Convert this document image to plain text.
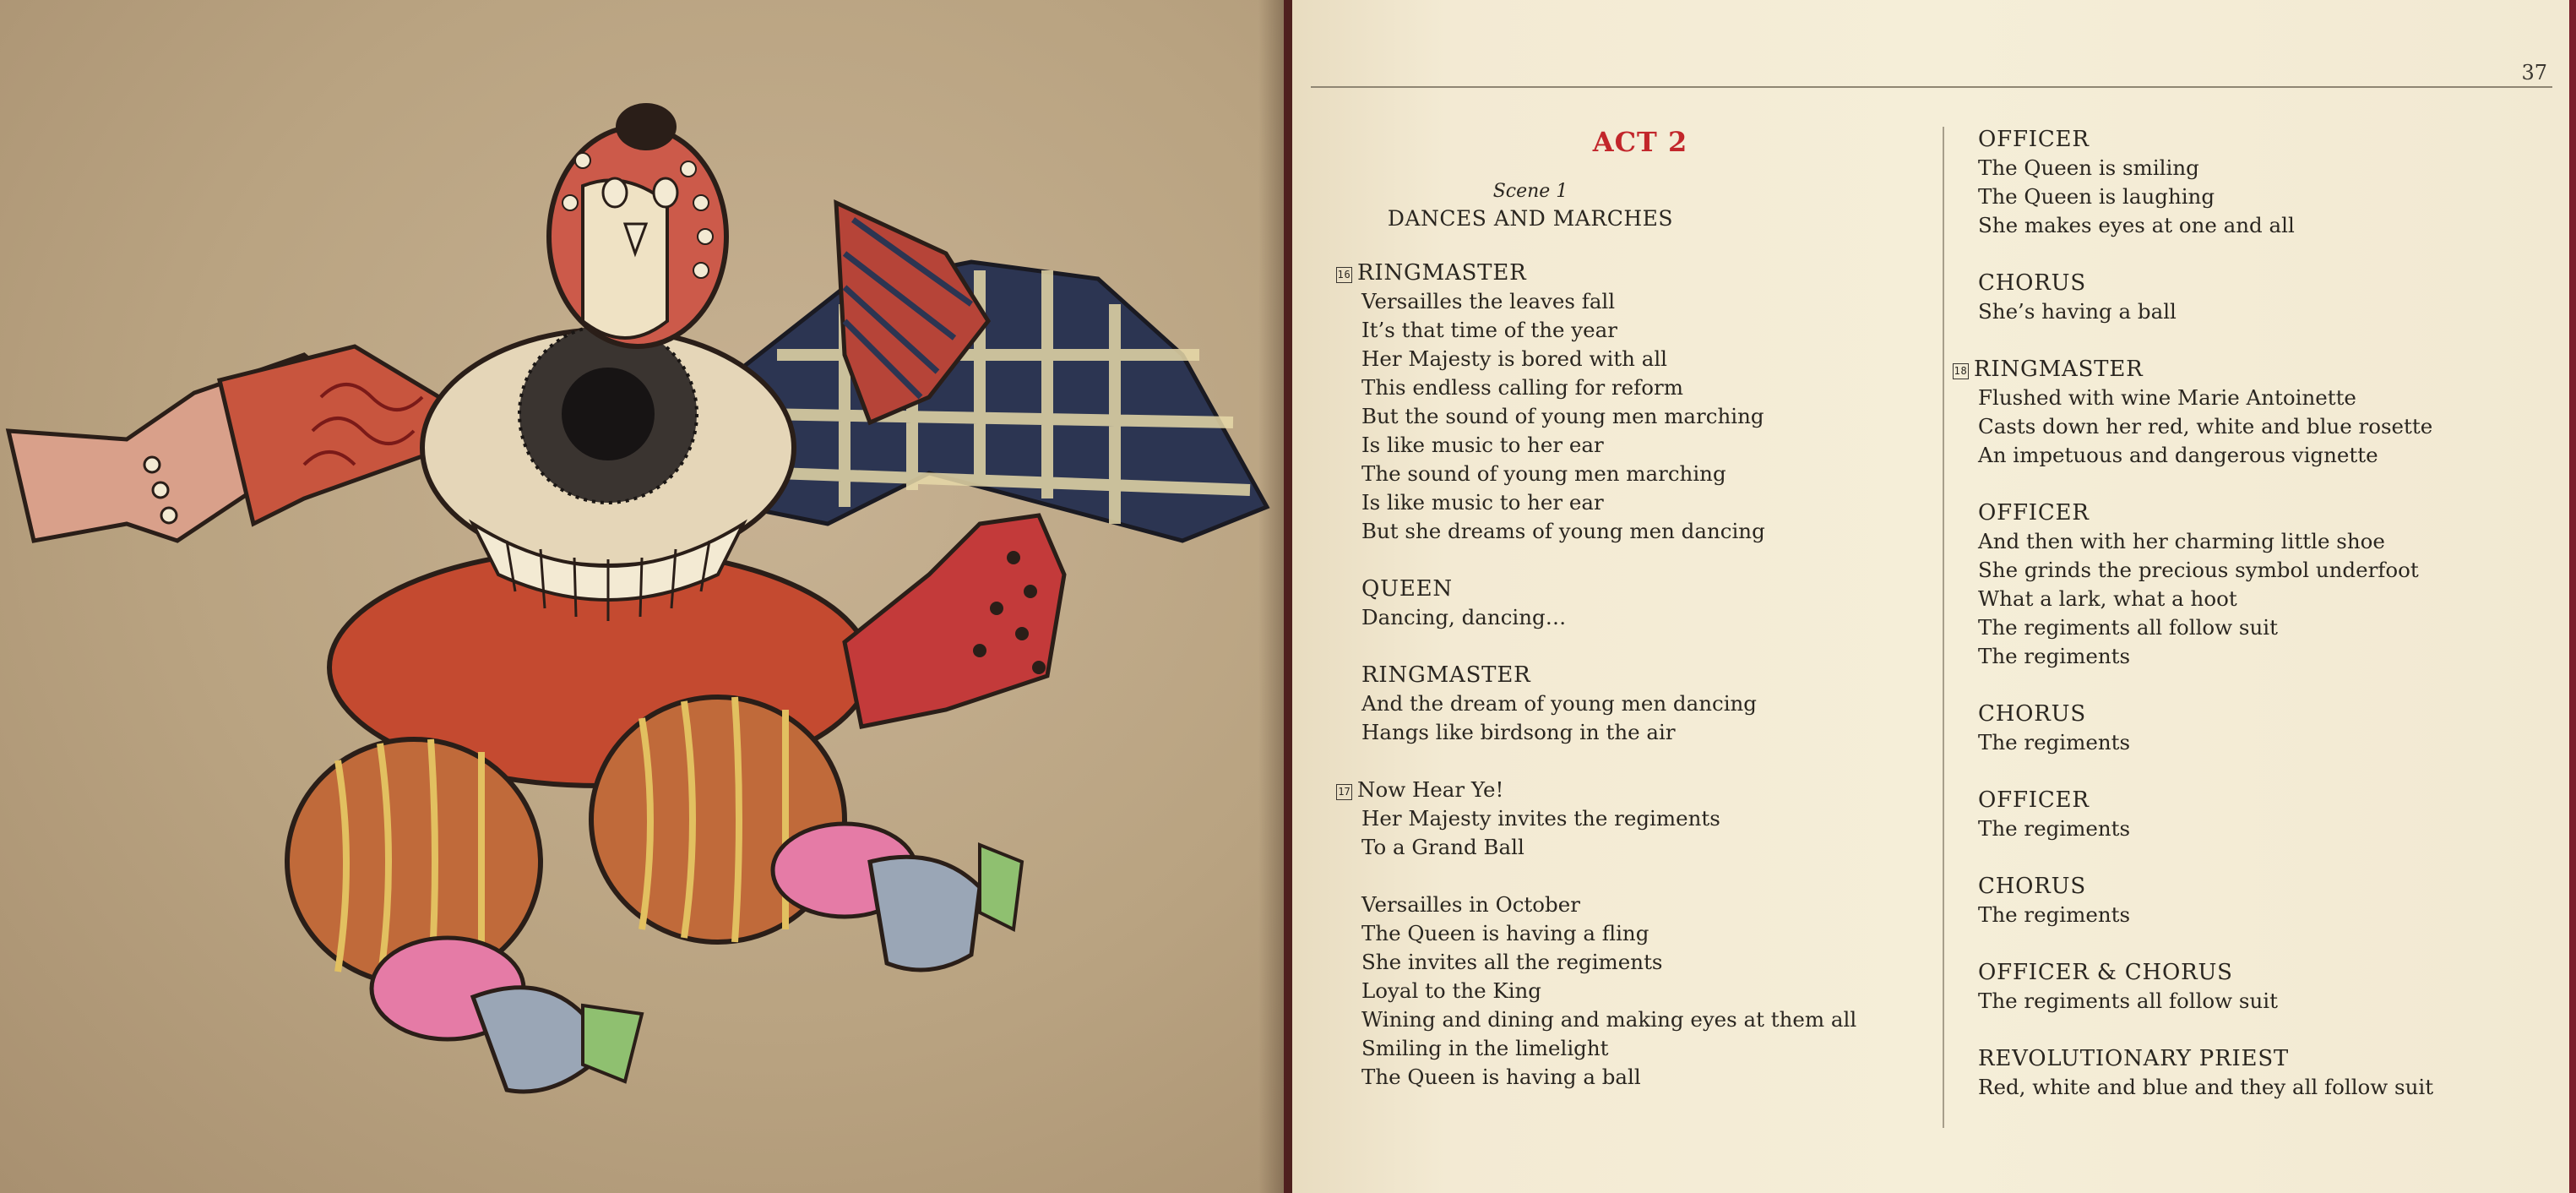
37
ACT 2
Scene 1
DANCES AND MARCHES
16 RINGMASTER
Versailles the leaves fall
It’s that time of the year
Her Majesty is bored with all
This endless calling for reform
But the sound of young men marching
Is like music to her ear
The sound of young men marching
Is like music to her ear
But she dreams of young men dancing
QUEEN
Dancing, dancing…
RINGMASTER
And the dream of young men dancing
Hangs like birdsong in the air
17 Now Hear Ye!
Her Majesty invites the regiments
To a Grand Ball
Versailles in October
The Queen is having a fling
She invites all the regiments
Loyal to the King
Wining and dining and making eyes at them all
Smiling in the limelight
The Queen is having a ball
OFFICER
The Queen is smiling
The Queen is laughing
She makes eyes at one and all
CHORUS
She’s having a ball
18 RINGMASTER
Flushed with wine Marie Antoinette
Casts down her red, white and blue rosette
An impetuous and dangerous vignette
OFFICER
And then with her charming little shoe
She grinds the precious symbol underfoot
What a lark, what a hoot
The regiments all follow suit
The regiments
CHORUS
The regiments
OFFICER
The regiments
CHORUS
The regiments
OFFICER & CHORUS
The regiments all follow suit
REVOLUTIONARY PRIEST
Red, white and blue and they all follow suit
